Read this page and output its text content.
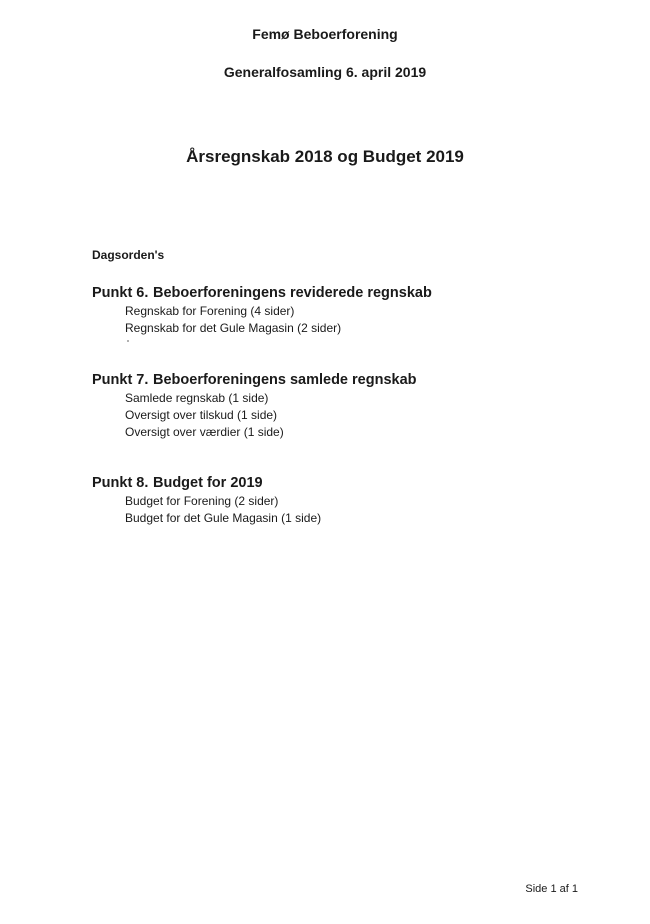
Femø Beboerforening
Generalfosamling 6. april 2019
Årsregnskab 2018 og Budget 2019
Dagsorden's
Punkt 6. Beboerforeningens reviderede regnskab
Regnskab for Forening (4 sider)
Regnskab for det Gule Magasin (2 sider)
Punkt 7. Beboerforeningens samlede regnskab
Samlede regnskab (1 side)
Oversigt over tilskud (1 side)
Oversigt over værdier (1 side)
Punkt 8. Budget for 2019
Budget for Forening (2 sider)
Budget for det Gule Magasin (1 side)
Side 1 af 1
